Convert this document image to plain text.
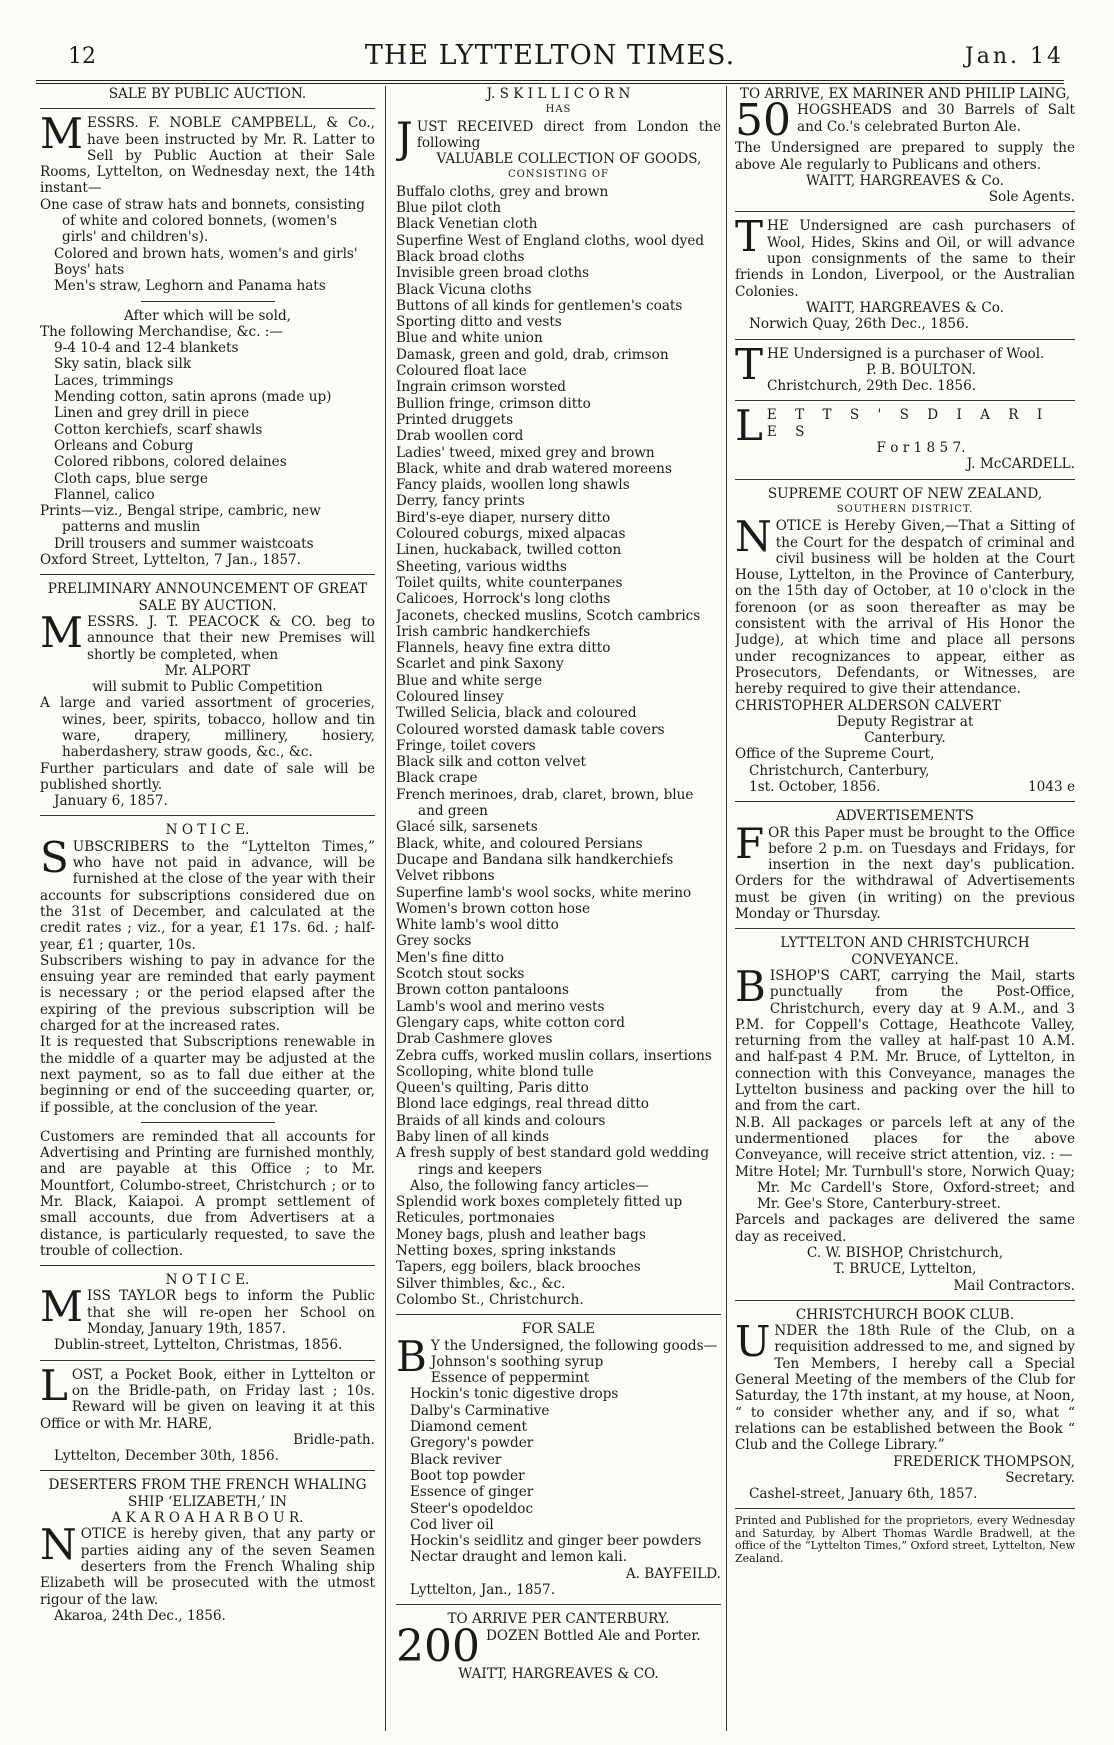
12	THE LYTTELTON TIMES.	Jan. 14

SALE BY PUBLIC AUCTION.

MESSRS. F. NOBLE CAMPBELL, & Co., have been instructed by Mr. R. Latter to Sell by Public Auction at their Sale Rooms, Lyttelton, on Wednesday next, the 14th instant—

One case of straw hats and bonnets, consisting of white and colored bonnets, (women's girls' and children's).

Colored and brown hats, women's and girls' Boys' hats

Men's straw, Leghorn and Panama hats

After which will be sold,

The following Merchandise, &c. :—

9-4 10-4 and 12-4 blankets

Sky satin, black silk

Laces, trimmings

Mending cotton, satin aprons (made up)

Linen and grey drill in piece

Cotton kerchiefs, scarf shawls

Orleans and Coburg

Colored ribbons, colored delaines

Cloth caps, blue serge

Flannel, calico

Prints—viz., Bengal stripe, cambric, new patterns and muslin

Drill trousers and summer waistcoats

Oxford Street, Lyttelton, 7 Jan., 1857.

PRELIMINARY ANNOUNCEMENT OF GREAT SALE BY AUCTION.

MESSRS. J. T. PEACOCK & CO. beg to announce that their new Premises will shortly be completed, when

Mr. ALPORT

will submit to Public Competition

A large and varied assortment of groceries, wines, beer, spirits, tobacco, hollow and tin ware, drapery, millinery, hosiery, haberdashery, straw goods, &c., &c.

Further particulars and date of sale will be published shortly.

January 6, 1857.

N O T I C E.

SUBSCRIBERS to the “Lyttelton Times,” who have not paid in advance, will be furnished at the close of the year with their accounts for subscriptions considered due on the 31st of December, and calculated at the credit rates ; viz., for a year, £1 17s. 6d. ; half-year, £1 ; quarter, 10s.

Subscribers wishing to pay in advance for the ensuing year are reminded that early payment is necessary ; or the period elapsed after the expiring of the previous subscription will be charged for at the increased rates.

It is requested that Subscriptions renewable in the middle of a quarter may be adjusted at the next payment, so as to fall due either at the beginning or end of the succeeding quarter, or, if possible, at the conclusion of the year.

Customers are reminded that all accounts for Advertising and Printing are furnished monthly, and are payable at this Office ; to Mr. Mountfort, Columbo-street, Christchurch ; or to Mr. Black, Kaiapoi. A prompt settlement of small accounts, due from Advertisers at a distance, is particularly requested, to save the trouble of collection.

N O T I C E.

MISS TAYLOR begs to inform the Public that she will re-open her School on Monday, January 19th, 1857.

Dublin-street, Lyttelton, Christmas, 1856.

LOST, a Pocket Book, either in Lyttelton or on the Bridle-path, on Friday last ; 10s. Reward will be given on leaving it at this Office or with Mr. HARE,

Bridle-path.

Lyttelton, December 30th, 1856.

DESERTERS FROM THE FRENCH WHALING SHIP ‘ELIZABETH,’ IN

A K A R O A H A R B O U R.

NOTICE is hereby given, that any party or parties aiding any of the seven Seamen deserters from the French Whaling ship Elizabeth will be prosecuted with the utmost rigour of the law.

Akaroa, 24th Dec., 1856.

J. S K I L L I C O R N

HAS

JUST RECEIVED direct from London the following

VALUABLE COLLECTION OF GOODS,

CONSISTING OF

Buffalo cloths, grey and brown

Blue pilot cloth

Black Venetian cloth

Superfine West of England cloths, wool dyed

Black broad cloths

Invisible green broad cloths

Black Vicuna cloths

Buttons of all kinds for gentlemen's coats

Sporting ditto and vests

Blue and white union

Damask, green and gold, drab, crimson

Coloured float lace

Ingrain crimson worsted

Bullion fringe, crimson ditto

Printed druggets

Drab woollen cord

Ladies' tweed, mixed grey and brown

Black, white and drab watered moreens

Fancy plaids, woollen long shawls

Derry, fancy prints

Bird's-eye diaper, nursery ditto

Coloured coburgs, mixed alpacas

Linen, huckaback, twilled cotton

Sheeting, various widths

Toilet quilts, white counterpanes

Calicoes, Horrock's long cloths

Jaconets, checked muslins, Scotch cambrics

Irish cambric handkerchiefs

Flannels, heavy fine extra ditto

Scarlet and pink Saxony

Blue and white serge

Coloured linsey

Twilled Selicia, black and coloured

Coloured worsted damask table covers

Fringe, toilet covers

Black silk and cotton velvet

Black crape

French merinoes, drab, claret, brown, blue and green

Glacé silk, sarsenets

Black, white, and coloured Persians

Ducape and Bandana silk handkerchiefs

Velvet ribbons

Superfine lamb's wool socks, white merino

Women's brown cotton hose

White lamb's wool ditto

Grey socks

Men's fine ditto

Scotch stout socks

Brown cotton pantaloons

Lamb's wool and merino vests

Glengary caps, white cotton cord

Drab Cashmere gloves

Zebra cuffs, worked muslin collars, insertions

Scolloping, white blond tulle

Queen's quilting, Paris ditto

Blond lace edgings, real thread ditto

Braids of all kinds and colours

Baby linen of all kinds

A fresh supply of best standard gold wedding rings and keepers

Also, the following fancy articles—

Splendid work boxes completely fitted up

Reticules, portmonaies

Money bags, plush and leather bags

Netting boxes, spring inkstands

Tapers, egg boilers, black brooches

Silver thimbles, &c., &c.

Colombo St., Christchurch.

FOR SALE

B Y the Undersigned, the following goods—

Johnson's soothing syrup

Essence of peppermint

Hockin's tonic digestive drops

Dalby's Carminative

Diamond cement

Gregory's powder

Black reviver

Boot top powder

Essence of ginger

Steer's opodeldoc

Cod liver oil

Hockin's seidlitz and ginger beer powders

Nectar draught and lemon kali.

A. BAYFEILD.

Lyttelton, Jan., 1857.

TO ARRIVE PER CANTERBURY.

200 DOZEN Bottled Ale and Porter.

WAITT, HARGREAVES & CO.

TO ARRIVE, EX MARINER AND PHILIP LAING,

50 HOGSHEADS and 30 Barrels of Salt and Co.'s celebrated Burton Ale.

The Undersigned are prepared to supply the above Ale regularly to Publicans and others.

WAITT, HARGREAVES & Co.

Sole Agents.

THE Undersigned are cash purchasers of Wool, Hides, Skins and Oil, or will advance upon consignments of the same to their friends in London, Liverpool, or the Australian Colonies.

WAITT, HARGREAVES & Co.

Norwich Quay, 26th Dec., 1856.

THE Undersigned is a purchaser of Wool.

P. B. BOULTON.

Christchurch, 29th Dec. 1856.

L E T T S ' S D I A R I E S

F o r 1 8 5 7.

J. McCARDELL.

SUPREME COURT OF NEW ZEALAND,

SOUTHERN DISTRICT.

NOTICE is Hereby Given,—That a Sitting of the Court for the despatch of criminal and civil business will be holden at the Court House, Lyttelton, in the Province of Canterbury, on the 15th day of October, at 10 o'clock in the forenoon (or as soon thereafter as may be consistent with the arrival of His Honor the Judge), at which time and place all persons under recognizances to appear, either as Prosecutors, Defendants, or Witnesses, are hereby required to give their attendance.

CHRISTOPHER ALDERSON CALVERT

Deputy Registrar at

Canterbury.

Office of the Supreme Court,

Christchurch, Canterbury,

1st. October, 1856.	1043 e

ADVERTISEMENTS

FOR this Paper must be brought to the Office before 2 p.m. on Tuesdays and Fridays, for insertion in the next day's publication. Orders for the withdrawal of Advertisements must be given (in writing) on the previous Monday or Thursday.

LYTTELTON AND CHRISTCHURCH CONVEYANCE.

BISHOP'S CART, carrying the Mail, starts punctually from the Post-Office, Christchurch, every day at 9 A.M., and 3 P.M. for Coppell's Cottage, Heathcote Valley, returning from the valley at half-past 10 A.M. and half-past 4 P.M. Mr. Bruce, of Lyttelton, in connection with this Conveyance, manages the Lyttelton business and packing over the hill to and from the cart.

N.B. All packages or parcels left at any of the undermentioned places for the above Conveyance, will receive strict attention, viz. : —

Mitre Hotel; Mr. Turnbull's store, Norwich Quay; Mr. Mc Cardell's Store, Oxford-street; and Mr. Gee's Store, Canterbury-street.

Parcels and packages are delivered the same day as received.

C. W. BISHOP, Christchurch,

T. BRUCE, Lyttelton,

Mail Contractors.

CHRISTCHURCH BOOK CLUB.

UNDER the 18th Rule of the Club, on a requisition addressed to me, and signed by Ten Members, I hereby call a Special General Meeting of the members of the Club for Saturday, the 17th instant, at my house, at Noon, “ to consider whether any, and if so, what “ relations can be established between the Book “ Club and the College Library.”

FREDERICK THOMPSON,

Secretary.

Cashel-street, January 6th, 1857.

Printed and Published for the proprietors, every Wednesday and Saturday, by Albert Thomas Wardle Bradwell, at the office of the “Lyttelton Times,” Oxford street, Lyttelton, New Zealand.
